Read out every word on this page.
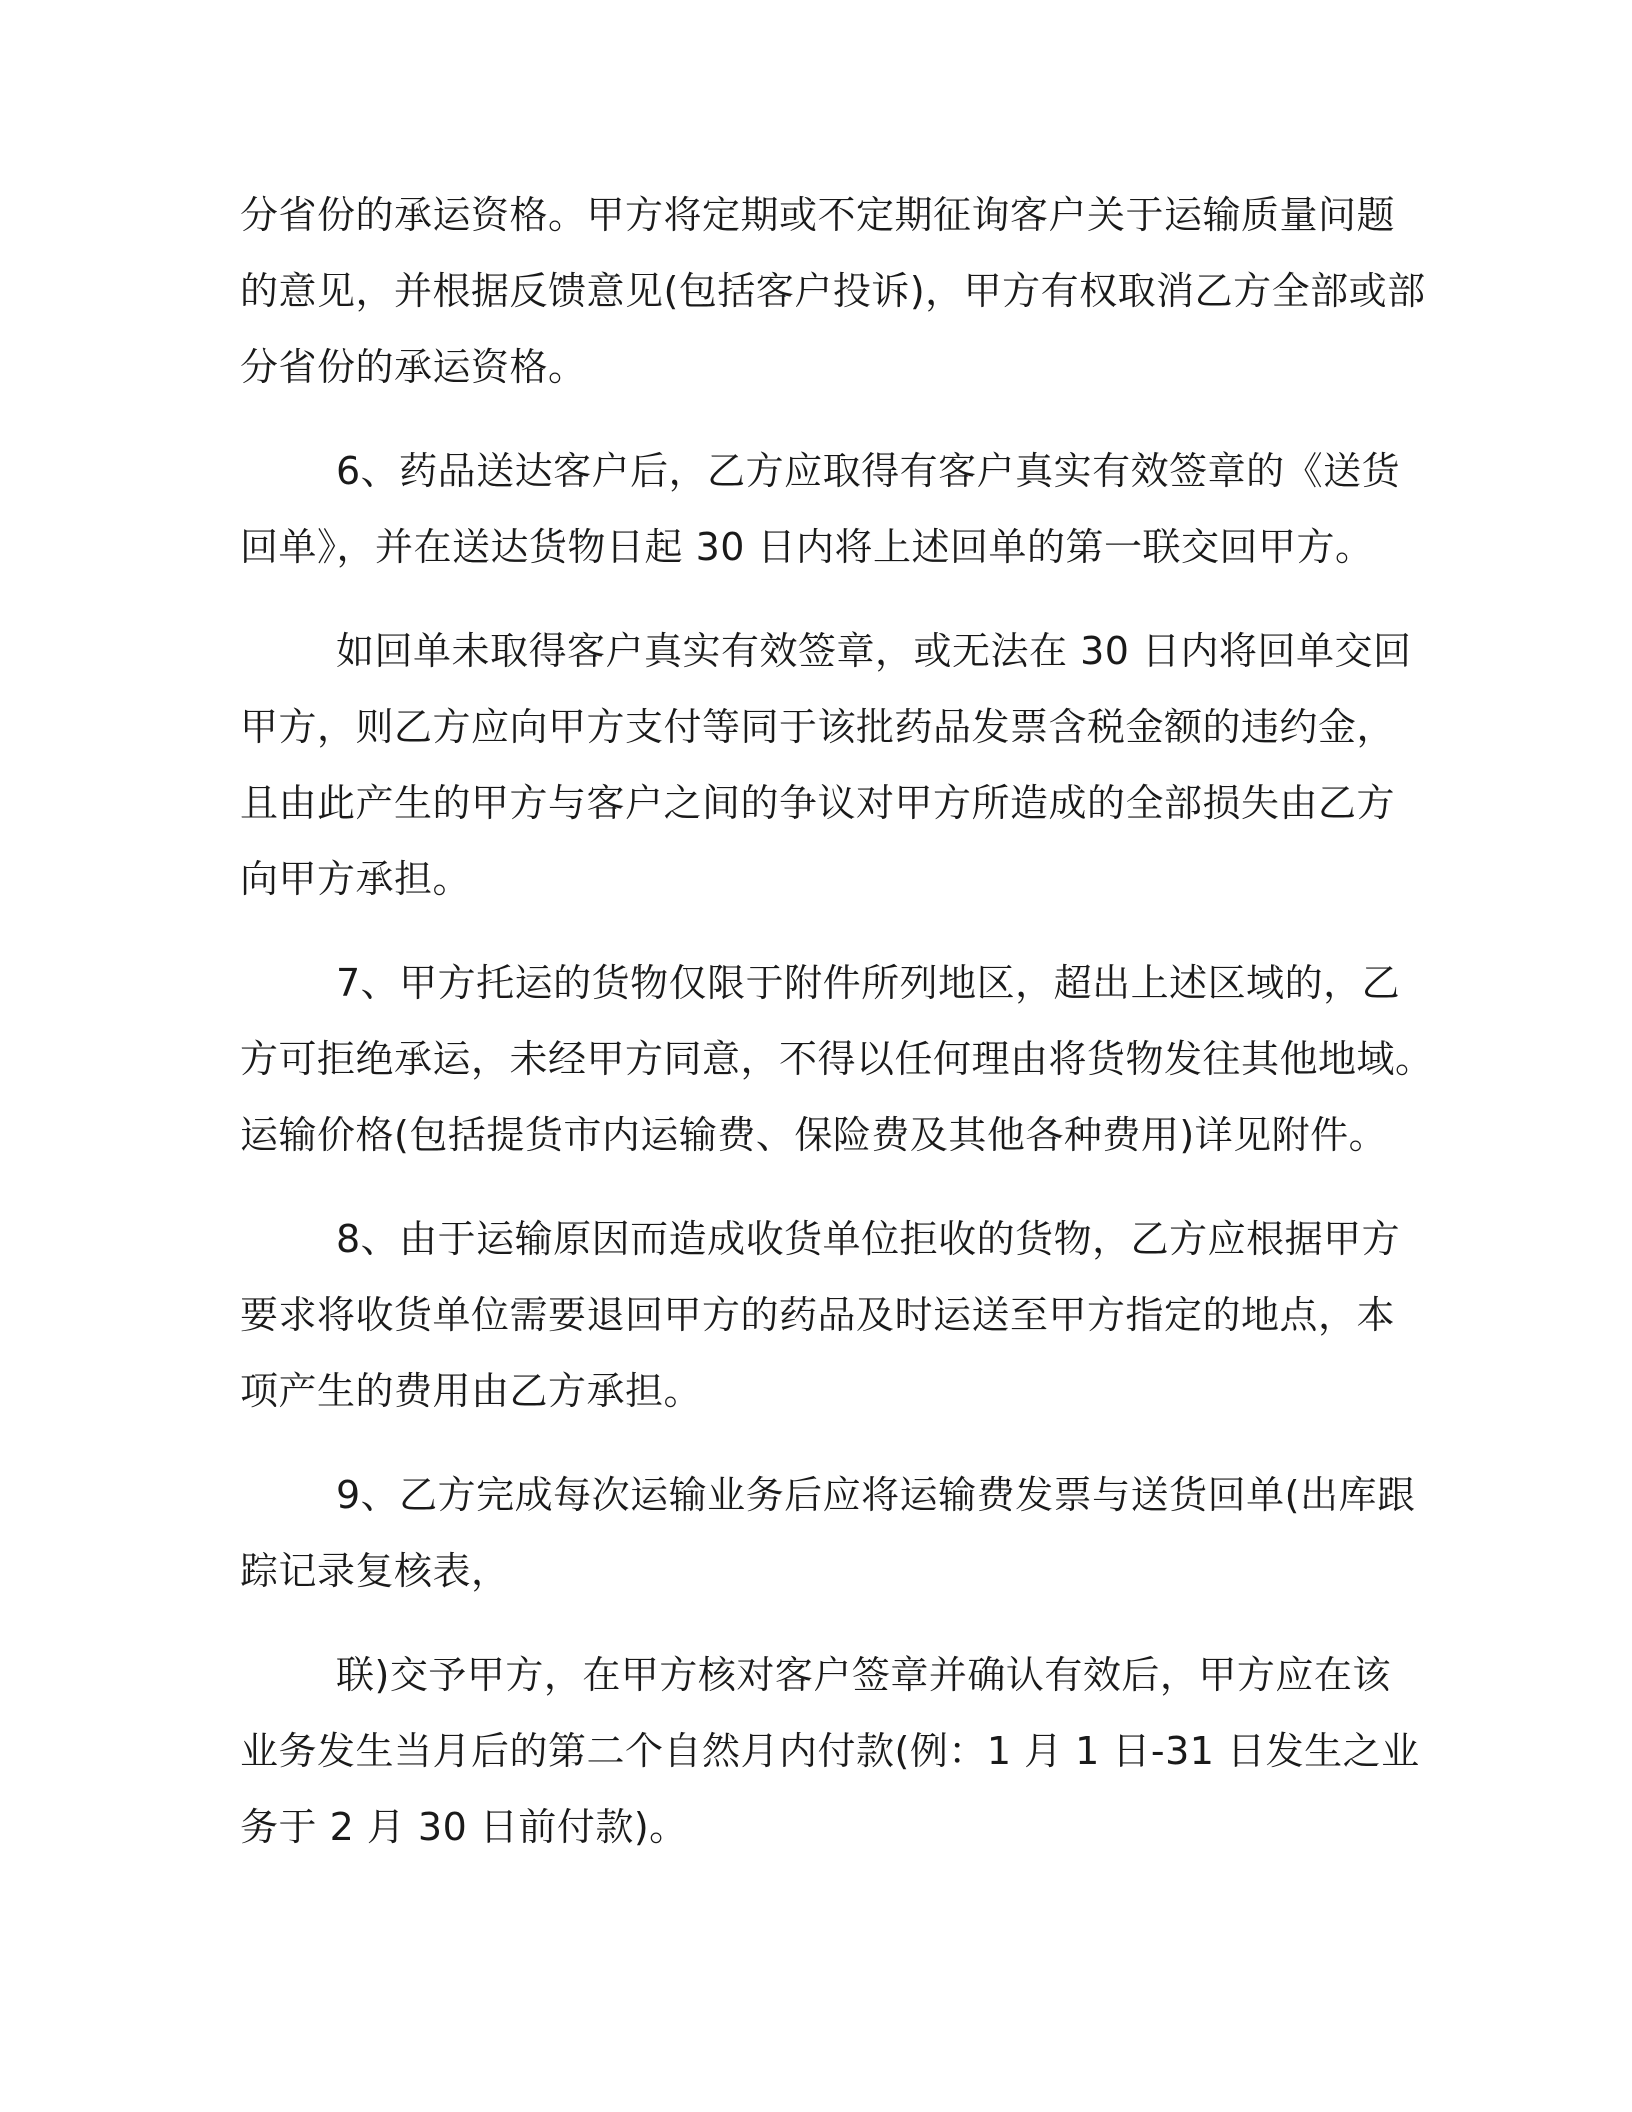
分省份的承运资格。甲方将定期或不定期征询客户关于运输质量问题
的意见，并根据反馈意见(包括客户投诉)，甲方有权取消乙方全部或部
分省份的承运资格。
6、药品送达客户后，乙方应取得有客户真实有效签章的《送货
回单》，并在送达货物日起 30 日内将上述回单的第一联交回甲方。
如回单未取得客户真实有效签章，或无法在 30 日内将回单交回
甲方，则乙方应向甲方支付等同于该批药品发票含税金额的违约金，
且由此产生的甲方与客户之间的争议对甲方所造成的全部损失由乙方
向甲方承担。
7、甲方托运的货物仅限于附件所列地区，超出上述区域的，乙
方可拒绝承运，未经甲方同意，不得以任何理由将货物发往其他地域。
运输价格(包括提货市内运输费、保险费及其他各种费用)详见附件。
8、由于运输原因而造成收货单位拒收的货物，乙方应根据甲方
要求将收货单位需要退回甲方的药品及时运送至甲方指定的地点，本
项产生的费用由乙方承担。
9、乙方完成每次运输业务后应将运输费发票与送货回单(出库跟
踪记录复核表，
联)交予甲方，在甲方核对客户签章并确认有效后，甲方应在该
业务发生当月后的第二个自然月内付款(例：1 月 1 日-31 日发生之业
务于 2 月 30 日前付款)。
